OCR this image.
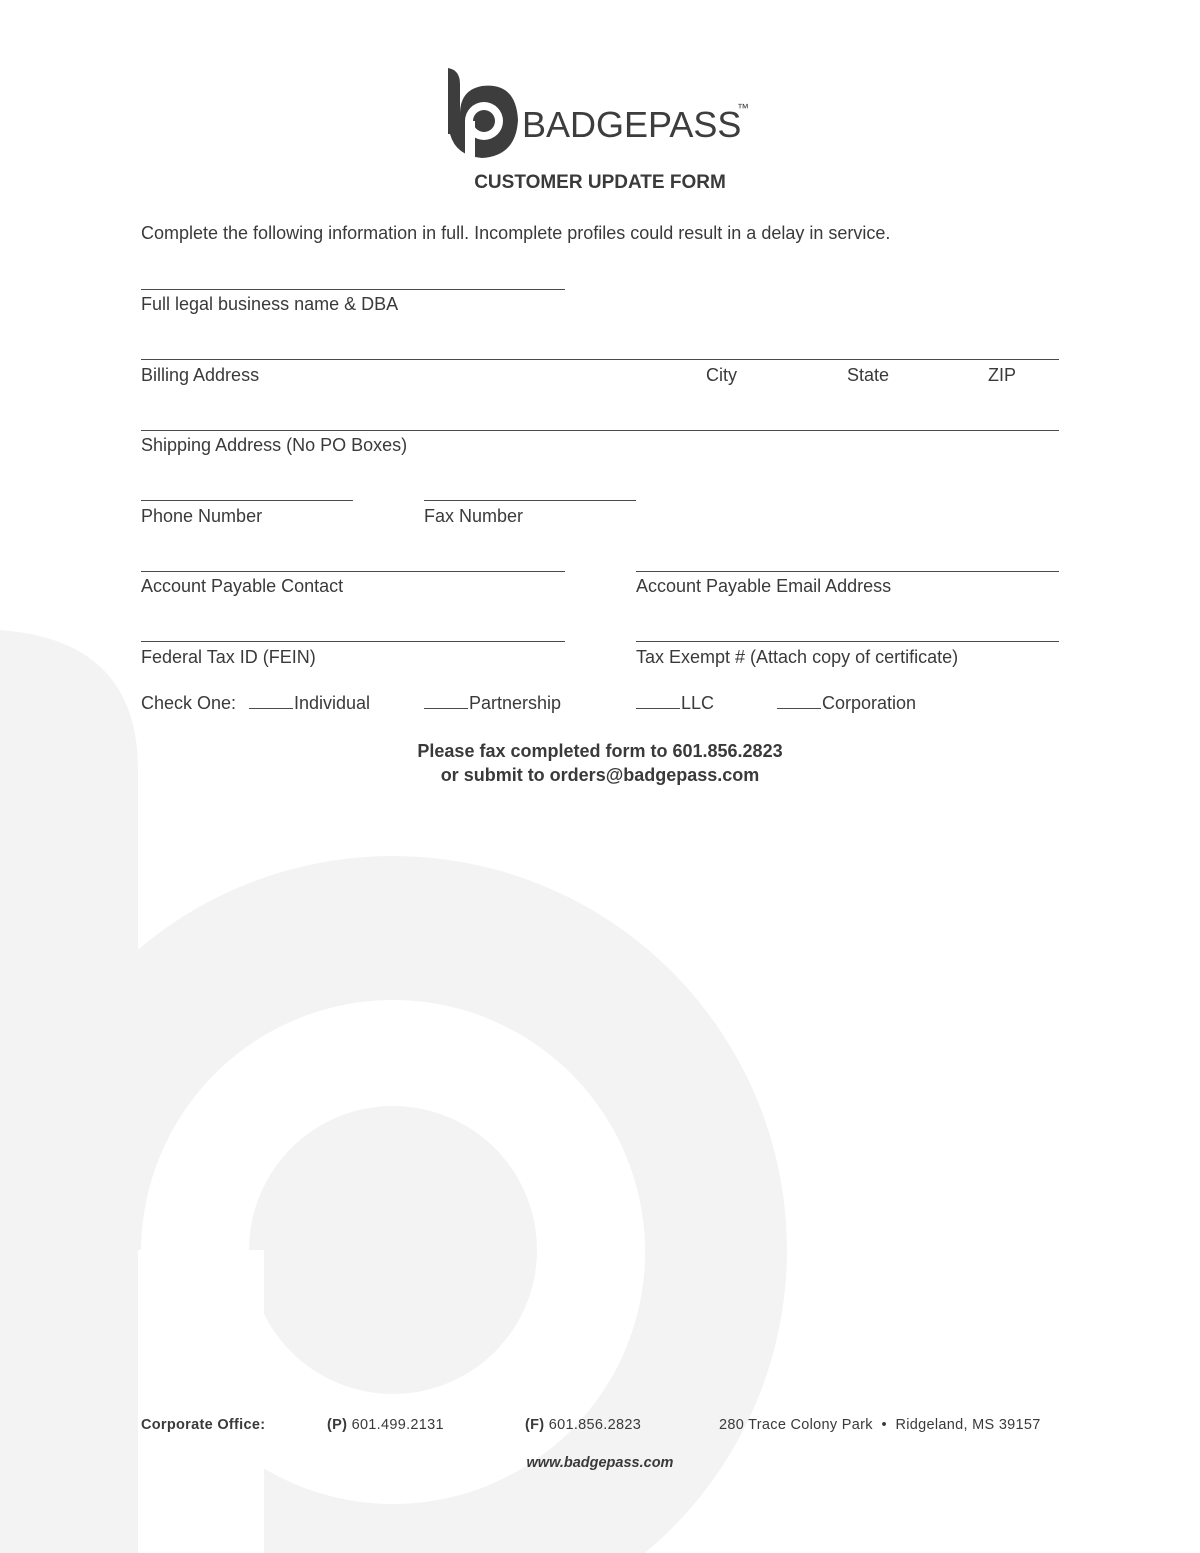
BADGEPASS
™
CUSTOMER UPDATE FORM
Complete the following information in full. Incomplete profiles could result in a delay in service.
Full legal business name & DBA
Billing Address	City	State	ZIP
Shipping Address (No PO Boxes)
Phone Number	Fax Number
Account Payable Contact	Account Payable Email Address
Federal Tax ID (FEIN)	Tax Exempt # (Attach copy of certificate)
Check One:	Individual	Partnership	LLC	Corporation
Please fax completed form to 601.856.2823
or submit to orders@badgepass.com
Corporate Office:	(P) 601.499.2131	(F) 601.856.2823	280 Trace Colony Park  •  Ridgeland, MS 39157
www.badgepass.com
